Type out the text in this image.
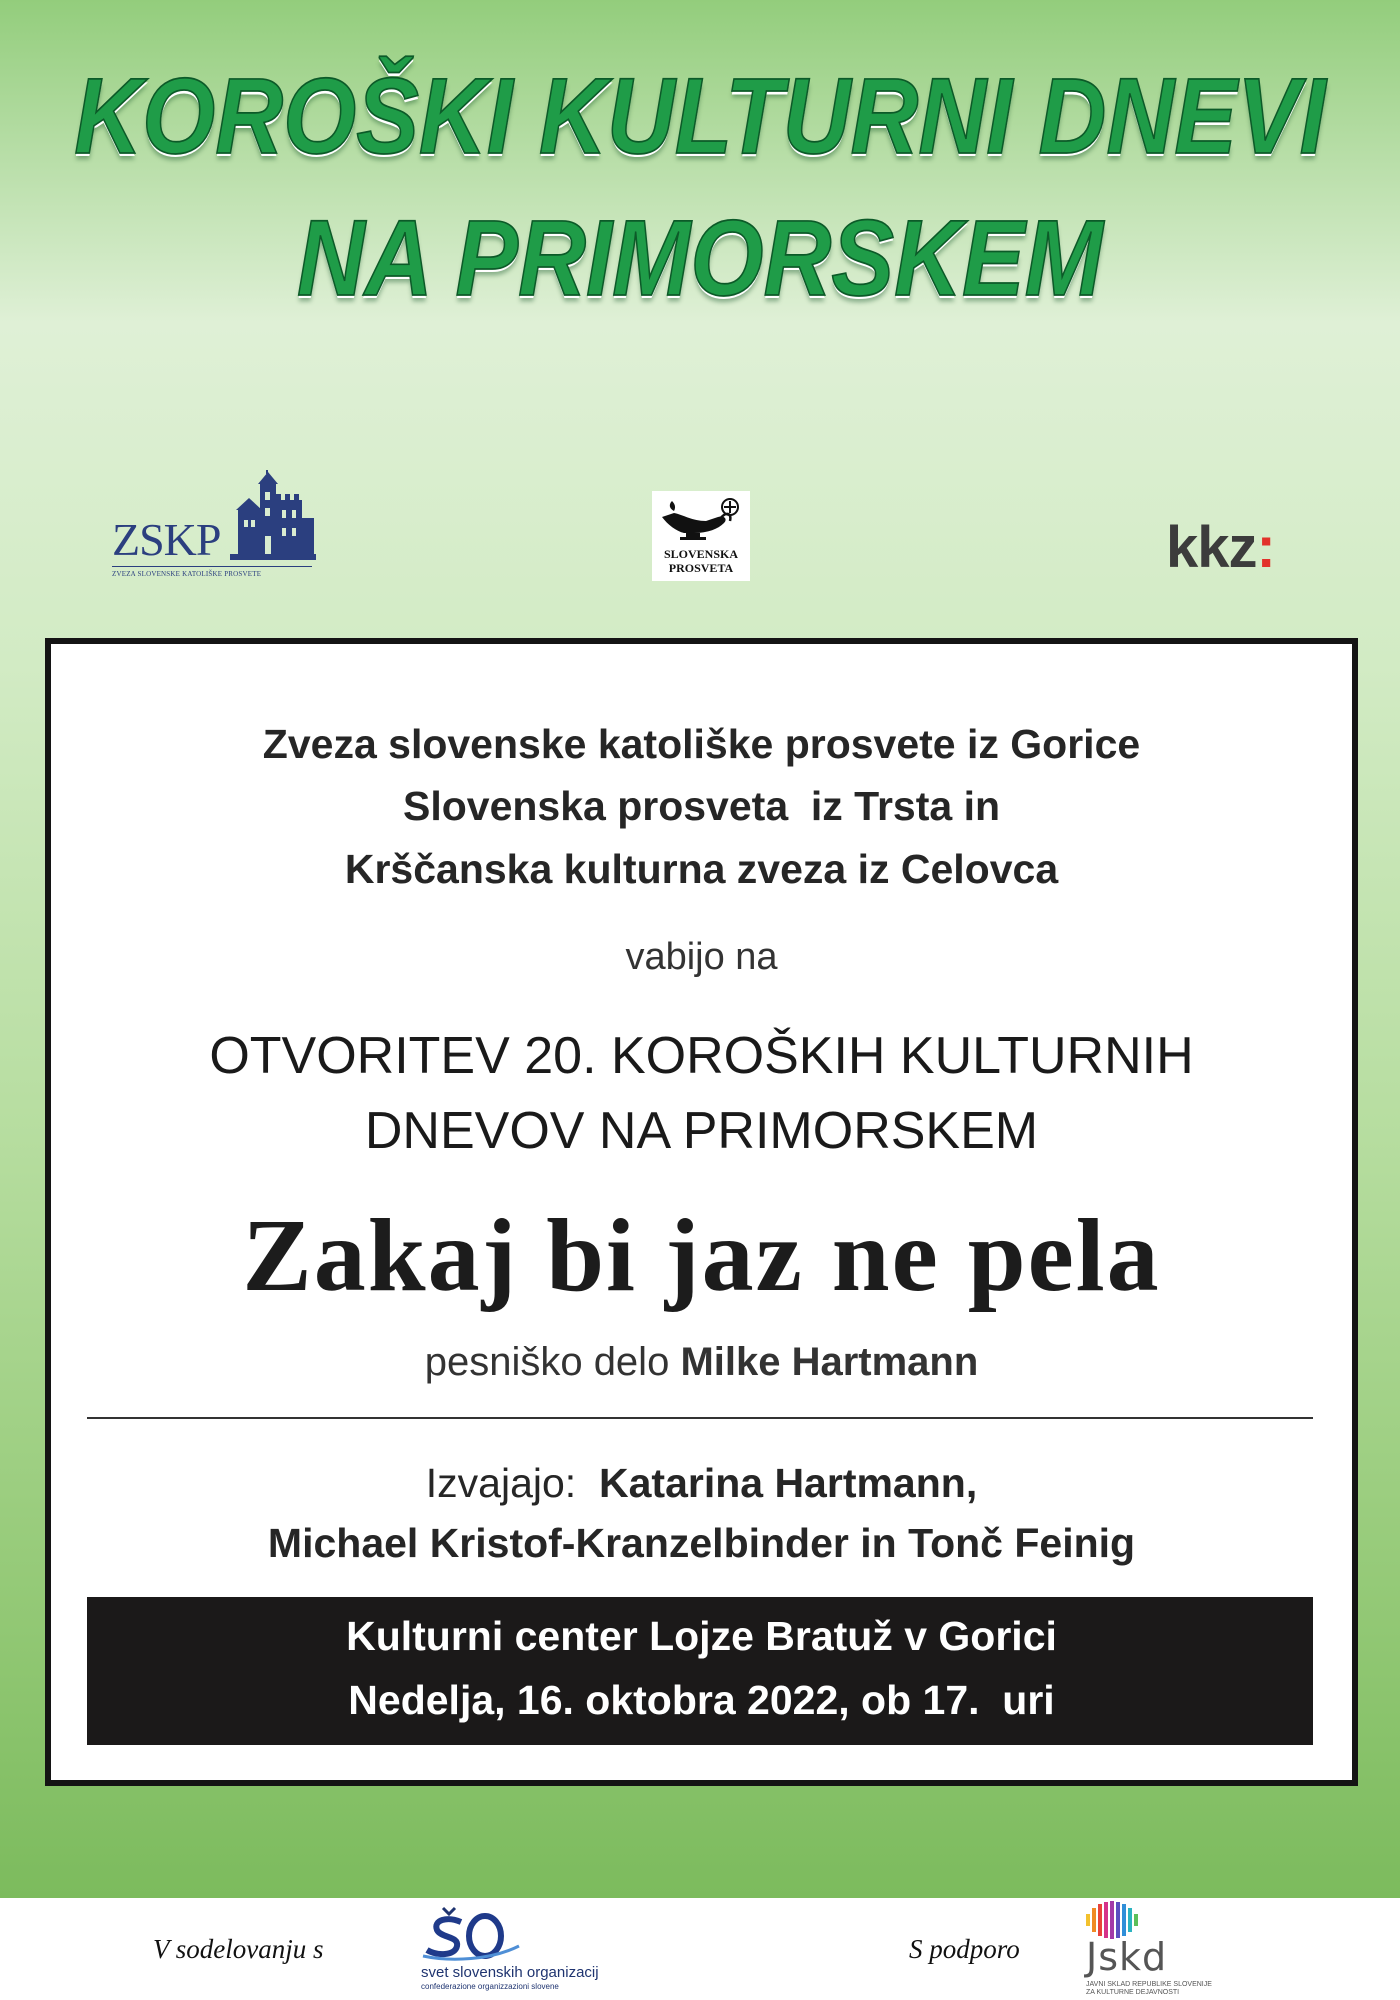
KOROŠKI KULTURNI DNEVI
NA PRIMORSKEM
ZSKP
ZVEZA SLOVENSKE KATOLIŠKE PROSVETE
SLOVENSKA
PROSVETA	kkz:
Zveza slovenske katoliške prosvete iz Gorice
Slovenska prosveta  iz Trsta in
Krščanska kulturna zveza iz Celovca
vabijo na
OTVORITEV 20. KOROŠKIH KULTURNIH
DNEVOV NA PRIMORSKEM
Zakaj bi jaz ne pela
pesniško delo Milke Hartmann
Izvajajo: Katarina Hartmann,
Michael Kristof-Kranzelbinder in Tonč Feinig
Kulturni center Lojze Bratuž v Gorici
Nedelja, 16. oktobra 2022, ob 17.  uri
V sodelovanju s
svet slovenskih organizacij
confederazione organizzazioni slovene
S podporo Jskd
JAVNI SKLAD REPUBLIKE SLOVENIJE
ZA KULTURNE DEJAVNOSTI
